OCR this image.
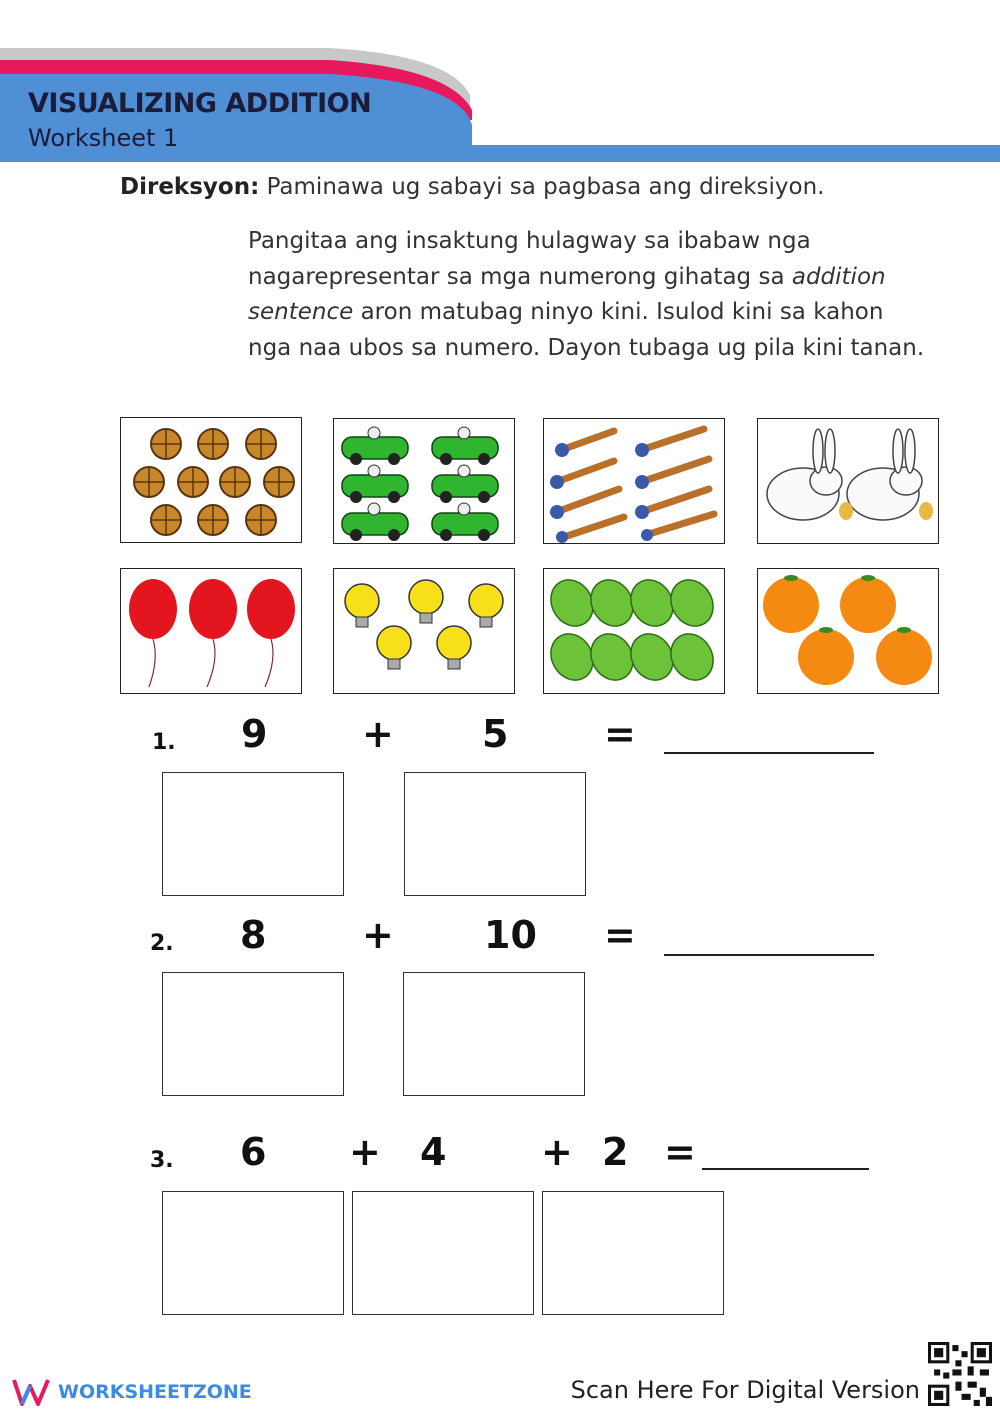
VISUALIZING ADDITION
Worksheet 1
Direksyon: Paminawa ug sabayi sa pagbasa ang direksiyon.
Pangitaa ang insaktung hulagway sa ibabaw nga nagarepresentar sa mga numerong gihatag sa addition sentence aron matubag ninyo kini. Isulod kini sa kahon nga naa ubos sa numero. Dayon tubaga ug pila kini tanan.
1. 9 + 5	=
2. 8	+ 10 =
3. 6 + 4 + 2 =
WORKSHEETZONE	Scan Here For Digital Version
